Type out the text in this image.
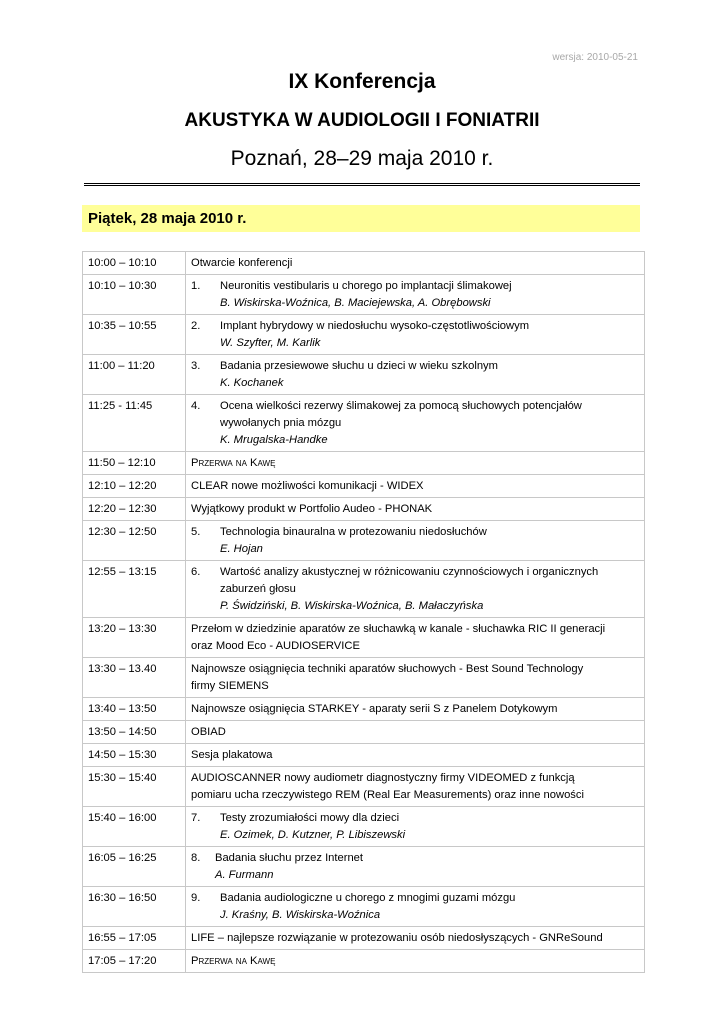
wersja: 2010-05-21
IX Konferencja
AKUSTYKA W AUDIOLOGII I FONIATRII
Poznań, 28–29 maja 2010 r.
Piątek, 28 maja 2010 r.
10:00 – 10:10	Otwarcie konferencji
10:10 – 10:30	1. Neuronitis vestibularis u chorego po implantacji ślimakowej
B. Wiskirska-Woźnica, B. Maciejewska, A. Obrębowski

10:35 – 10:55	2. Implant hybrydowy w niedosłuchu wysoko-częstotliwościowym
W. Szyfter, M. Karlik

11:00 – 11:20	3. Badania przesiewowe słuchu u dzieci w wieku szkolnym
K. Kochanek

11:25 - 11:45	4. Ocena wielkości rezerwy ślimakowej za pomocą słuchowych potencjałów
wywołanych pnia mózgu
K. Mrugalska-Handke

11:50 – 12:10	Przerwa na Kawę
12:10 – 12:20	CLEAR nowe możliwości komunikacji - WIDEX
12:20 – 12:30	Wyjątkowy produkt w Portfolio Audeo - PHONAK
12:30 – 12:50	5. Technologia binauralna w protezowaniu niedosłuchów
E. Hojan

12:55 – 13:15	6. Wartość analizy akustycznej w różnicowaniu czynnościowych i organicznych
zaburzeń głosu
P. Świdziński, B. Wiskirska-Woźnica, B. Małaczyńska

13:20 – 13:30	Przełom w dziedzinie aparatów ze słuchawką w kanale - słuchawka RIC II generacji
oraz Mood Eco - AUDIOSERVICE

13:30 – 13.40	Najnowsze osiągnięcia techniki aparatów słuchowych - Best Sound Technology
firmy SIEMENS

13:40 – 13:50	Najnowsze osiągnięcia STARKEY - aparaty serii S z Panelem Dotykowym
13:50 – 14:50	OBIAD
14:50 – 15:30	Sesja plakatowa
15:30 – 15:40	AUDIOSCANNER nowy audiometr diagnostyczny firmy VIDEOMED z funkcją
pomiaru ucha rzeczywistego REM (Real Ear Measurements) oraz inne nowości

15:40 – 16:00	7. Testy zrozumiałości mowy dla dzieci
E. Ozimek, D. Kutzner, P. Libiszewski

16:05 – 16:25	8. Badania słuchu przez Internet
A. Furmann

16:30 – 16:50	9. Badania audiologiczne u chorego z mnogimi guzami mózgu
J. Kraśny, B. Wiskirska-Woźnica

16:55 – 17:05	LIFE – najlepsze rozwiązanie w protezowaniu osób niedosłyszących - GNReSound
17:05 – 17:20	Przerwa na Kawę
